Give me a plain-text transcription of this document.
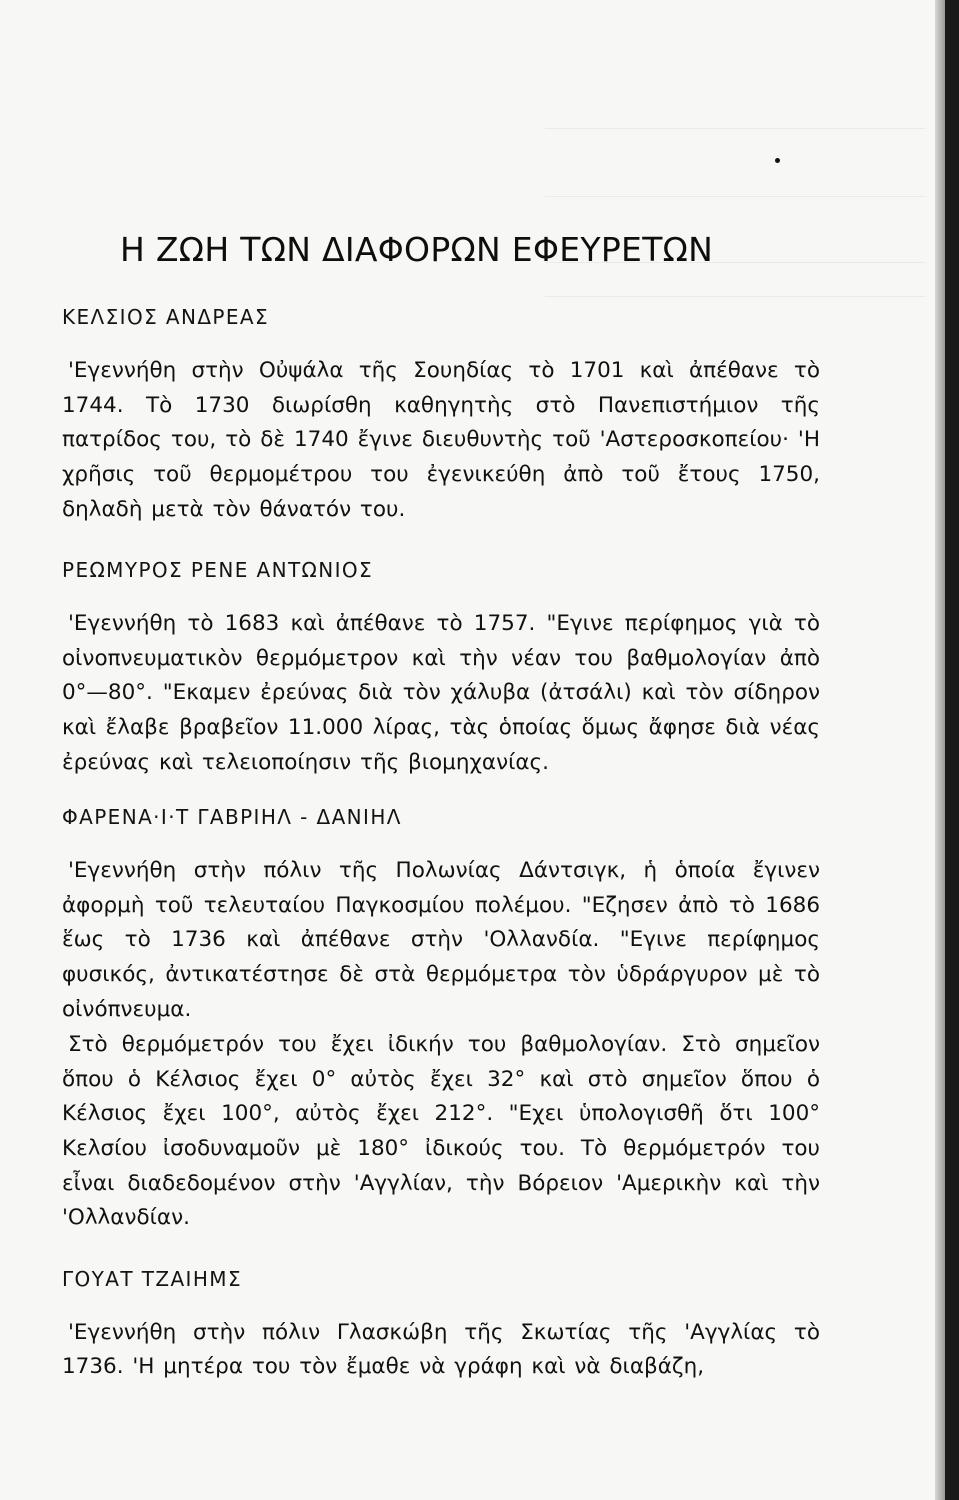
Η ΖΩΗ ΤΩΝ ΔΙΑΦΟΡΩΝ ΕΦΕΥΡΕΤΩΝ
ΚΕΛΣΙΟΣ ΑΝΔΡΕΑΣ

'Εγεννήθη στὴν Οὐψάλα τῆς Σουηδίας τὸ 1701 καὶ ἀπέθανε τὸ 1744. Τὸ 1730 διωρίσθη καθηγητὴς στὸ Πανεπιστήμιον τῆς πατρίδος του, τὸ δὲ 1740 ἔγινε διευθυντὴς τοῦ 'Αστεροσκοπείου· 'Η χρῆσις τοῦ θερμομέτρου του ἐγενικεύθη ἀπὸ τοῦ ἔτους 1750, δηλαδὴ μετὰ τὸν θάνατόν του.

ΡΕΩΜΥΡΟΣ ΡΕΝΕ ΑΝΤΩΝΙΟΣ

'Εγεννήθη τὸ 1683 καὶ ἀπέθανε τὸ 1757. "Εγινε περίφημος γιὰ τὸ οἰνοπνευματικὸν θερμόμετρον καὶ τὴν νέαν του βαθμολογίαν ἀπὸ 0°—80°. "Εκαμεν ἐρεύνας διὰ τὸν χάλυβα (ἀτσάλι) καὶ τὸν σίδηρον καὶ ἔλαβε βραβεῖον 11.000 λίρας, τὰς ὁποίας ὅμως ἄφησε διὰ νέας ἐρεύνας καὶ τελειοποίησιν τῆς βιομηχανίας.

ΦΑΡΕΝΑ·Ι·Τ ΓΑΒΡΙΗΛ - ΔΑΝΙΗΛ

'Εγεννήθη στὴν πόλιν τῆς Πολωνίας Δάντσιγκ, ἡ ὁποία ἔγινεν ἀφορμὴ τοῦ τελευταίου Παγκοσμίου πολέμου. "Εζησεν ἀπὸ τὸ 1686 ἕως τὸ 1736 καὶ ἀπέθανε στὴν 'Ολλανδία. "Εγινε περίφημος φυσικός, ἀντικατέστησε δὲ στὰ θερμόμετρα τὸν ὑδράργυρον μὲ τὸ οἰνόπνευμα.

Στὸ θερμόμετρόν του ἔχει ἰδικήν του βαθμολογίαν. Στὸ σημεῖον ὅπου ὁ Κέλσιος ἔχει 0° αὐτὸς ἔχει 32° καὶ στὸ σημεῖον ὅπου ὁ Κέλσιος ἔχει 100°, αὐτὸς ἔχει 212°. "Εχει ὑπολογισθῆ ὅτι 100° Κελσίου ἰσοδυναμοῦν μὲ 180° ἰδικούς του. Τὸ θερμόμετρόν του εἶναι διαδεδομένον στὴν 'Αγγλίαν, τὴν Βόρειον 'Αμερικὴν καὶ τὴν 'Ολλανδίαν.

ΓΟΥΑΤ ΤΖΑΙΗΜΣ

'Εγεννήθη στὴν πόλιν Γλασκώβη τῆς Σκωτίας τῆς 'Αγγλίας τὸ 1736. 'Η μητέρα του τὸν ἔμαθε νὰ γράφη καὶ νὰ διαβάζη,
